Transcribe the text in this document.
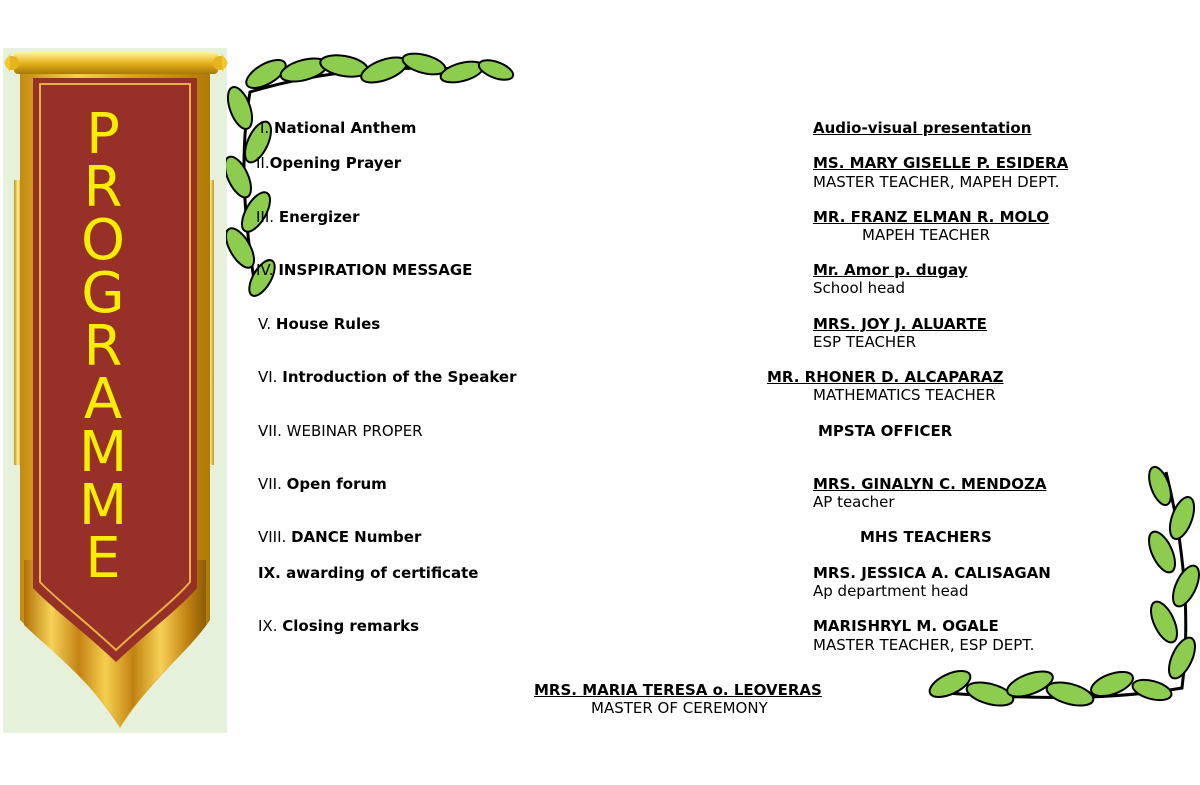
P
R
O
G
R
A
M
M
E
I. National Anthem	Audio-visual presentation
II.Opening Prayer	MS. MARY GISELLE P. ESIDERA
MASTER TEACHER, MAPEH DEPT.
III. Energizer	MR. FRANZ ELMAN R. MOLO
MAPEH TEACHER
IV. INSPIRATION MESSAGE	Mr. Amor p. dugay
School head
V. House Rules	MRS. JOY J. ALUARTE
ESP TEACHER
VI. Introduction of the Speaker	MR. RHONER D. ALCAPARAZ
MATHEMATICS TEACHER
VII. WEBINAR PROPER	MPSTA OFFICER
VII. Open forum	MRS. GINALYN C. MENDOZA
AP teacher
VIII. DANCE Number	MHS TEACHERS
IX. awarding of certificate	MRS. JESSICA A. CALISAGAN
Ap department head
IX. Closing remarks	MARISHRYL M. OGALE
MASTER TEACHER, ESP DEPT.
MRS. MARIA TERESA o. LEOVERAS
MASTER OF CEREMONY
